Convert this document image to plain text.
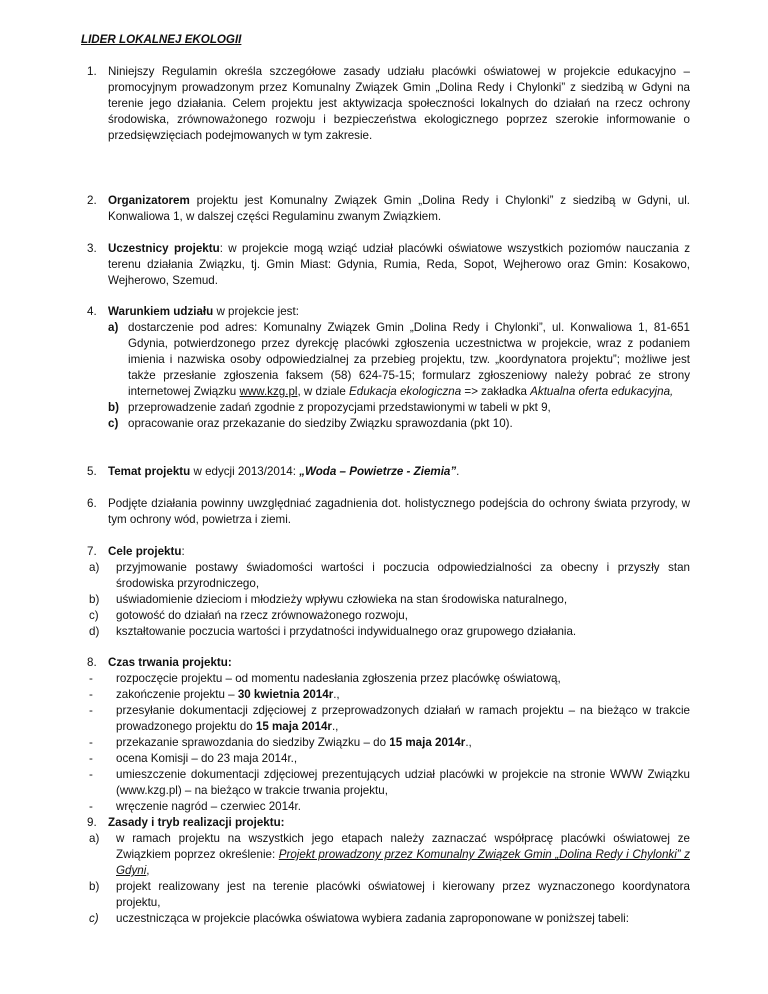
LIDER LOKALNEJ EKOLOGII
1. Niniejszy Regulamin określa szczegółowe zasady udziału placówki oświatowej w projekcie edukacyjno – promocyjnym prowadzonym przez Komunalny Związek Gmin „Dolina Redy i Chylonki” z siedzibą w Gdyni na terenie jego działania. Celem projektu jest aktywizacja społeczności lokalnych do działań na rzecz ochrony środowiska, zrównoważonego rozwoju i bezpieczeństwa ekologicznego poprzez szerokie informowanie o przedsięwzięciach podejmowanych w tym zakresie.
2. Organizatorem projektu jest Komunalny Związek Gmin „Dolina Redy i Chylonki” z siedzibą w Gdyni, ul. Konwaliowa 1, w dalszej części Regulaminu zwanym Związkiem.
3. Uczestnicy projektu: w projekcie mogą wziąć udział placówki oświatowe wszystkich poziomów nauczania z terenu działania Związku, tj. Gmin Miast: Gdynia, Rumia, Reda, Sopot, Wejherowo oraz Gmin: Kosakowo, Wejherowo, Szemud.
4. Warunkiem udziału w projekcie jest:
a) dostarczenie pod adres: Komunalny Związek Gmin „Dolina Redy i Chylonki”, ul. Konwaliowa 1, 81-651 Gdynia, potwierdzonego przez dyrekcję placówki zgłoszenia uczestnictwa w projekcie, wraz z podaniem imienia i nazwiska osoby odpowiedzialnej za przebieg projektu, tzw. „koordynatora projektu”; możliwe jest także przesłanie zgłoszenia faksem (58) 624-75-15; formularz zgłoszeniowy należy pobrać ze strony internetowej Związku www.kzg.pl, w dziale Edukacja ekologiczna => zakładka Aktualna oferta edukacyjna,
b) przeprowadzenie zadań zgodnie z propozycjami przedstawionymi w tabeli w pkt 9,
c) opracowanie oraz przekazanie do siedziby Związku sprawozdania (pkt 10).
5. Temat projektu w edycji 2013/2014: „Woda – Powietrze - Ziemia”.
6. Podjęte działania powinny uwzględniać zagadnienia dot. holistycznego podejścia do ochrony świata przyrody, w tym ochrony wód, powietrza i ziemi.
7. Cele projektu:
a) przyjmowanie postawy świadomości wartości i poczucia odpowiedzialności za obecny i przyszły stan środowiska przyrodniczego,
b) uświadomienie dzieciom i młodzieży wpływu człowieka na stan środowiska naturalnego,
c) gotowość do działań na rzecz zrównoważonego rozwoju,
d) kształtowanie poczucia wartości i przydatności indywidualnego oraz grupowego działania.
8. Czas trwania projektu:
- rozpoczęcie projektu – od momentu nadesłania zgłoszenia przez placówkę oświatową,
- zakończenie projektu – 30 kwietnia 2014r.,
- przesyłanie dokumentacji zdjęciowej z przeprowadzonych działań w ramach projektu – na bieżąco w trakcie prowadzonego projektu do 15 maja 2014r.,
- przekazanie sprawozdania do siedziby Związku – do 15 maja 2014r.,
- ocena Komisji – do 23 maja 2014r.,
- umieszczenie dokumentacji zdjęciowej prezentujących udział placówki w projekcie na stronie WWW Związku (www.kzg.pl) – na bieżąco w trakcie trwania projektu,
- wręczenie nagród – czerwiec 2014r.
9. Zasady i tryb realizacji projektu:
a) w ramach projektu na wszystkich jego etapach należy zaznaczać współpracę placówki oświatowej ze Związkiem poprzez określenie: Projekt prowadzony przez Komunalny Związek Gmin „Dolina Redy i Chylonki” z Gdyni,
b) projekt realizowany jest na terenie placówki oświatowej i kierowany przez wyznaczonego koordynatora projektu,
c) uczestnicząca w projekcie placówka oświatowa wybiera zadania zaproponowane w poniższej tabeli:
